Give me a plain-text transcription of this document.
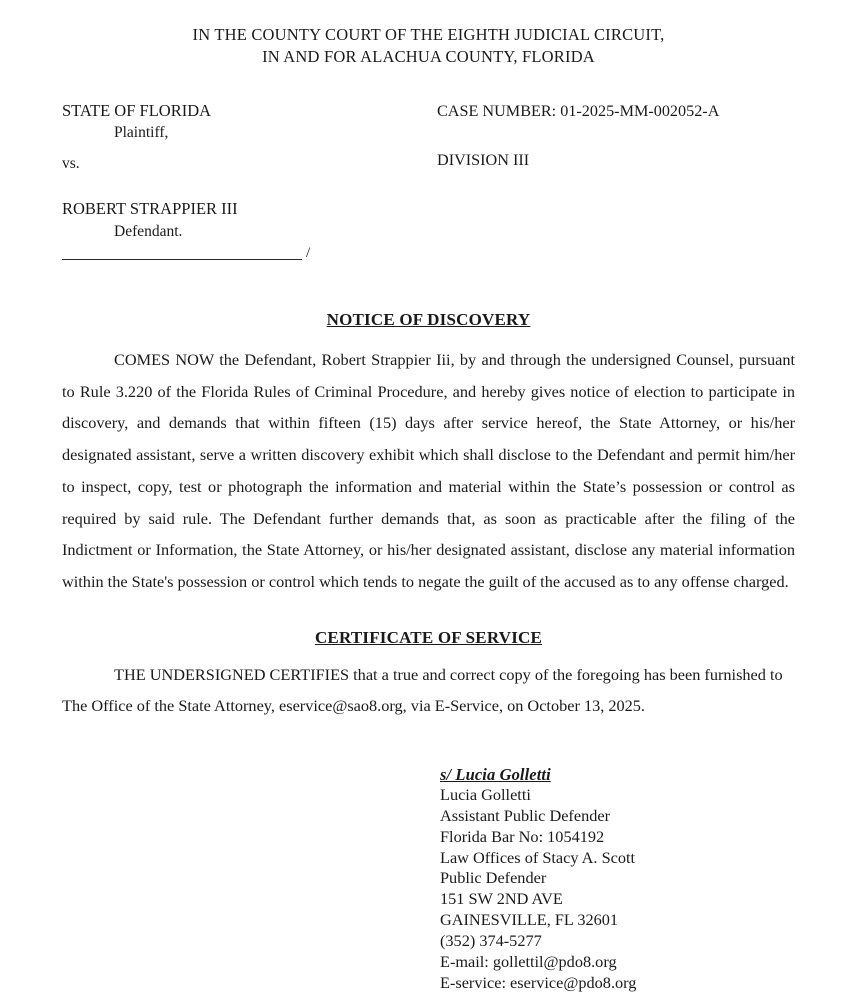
IN THE COUNTY COURT OF THE EIGHTH JUDICIAL CIRCUIT,
IN AND FOR ALACHUA COUNTY, FLORIDA
STATE OF FLORIDA
Plaintiff,
vs.
ROBERT STRAPPIER III
Defendant.
/
CASE NUMBER: 01-2025-MM-002052-A
DIVISION III
NOTICE OF DISCOVERY
COMES NOW the Defendant, Robert Strappier Iii, by and through the undersigned Counsel, pursuant to Rule 3.220 of the Florida Rules of Criminal Procedure, and hereby gives notice of election to participate in discovery, and demands that within fifteen (15) days after service hereof, the State Attorney, or his/her designated assistant, serve a written discovery exhibit which shall disclose to the Defendant and permit him/her to inspect, copy, test or photograph the information and material within the State’s possession or control as required by said rule. The Defendant further demands that, as soon as practicable after the filing of the Indictment or Information, the State Attorney, or his/her designated assistant, disclose any material information within the State's possession or control which tends to negate the guilt of the accused as to any offense charged.
CERTIFICATE OF SERVICE
THE UNDERSIGNED CERTIFIES that a true and correct copy of the foregoing has been furnished to The Office of the State Attorney, eservice@sao8.org, via E-Service, on October 13, 2025.
s/ Lucia Golletti
Lucia Golletti
Assistant Public Defender
Florida Bar No: 1054192
Law Offices of Stacy A. Scott
Public Defender
151 SW 2ND AVE
GAINESVILLE, FL 32601
(352) 374-5277
E-mail: gollettil@pdo8.org
E-service: eservice@pdo8.org
